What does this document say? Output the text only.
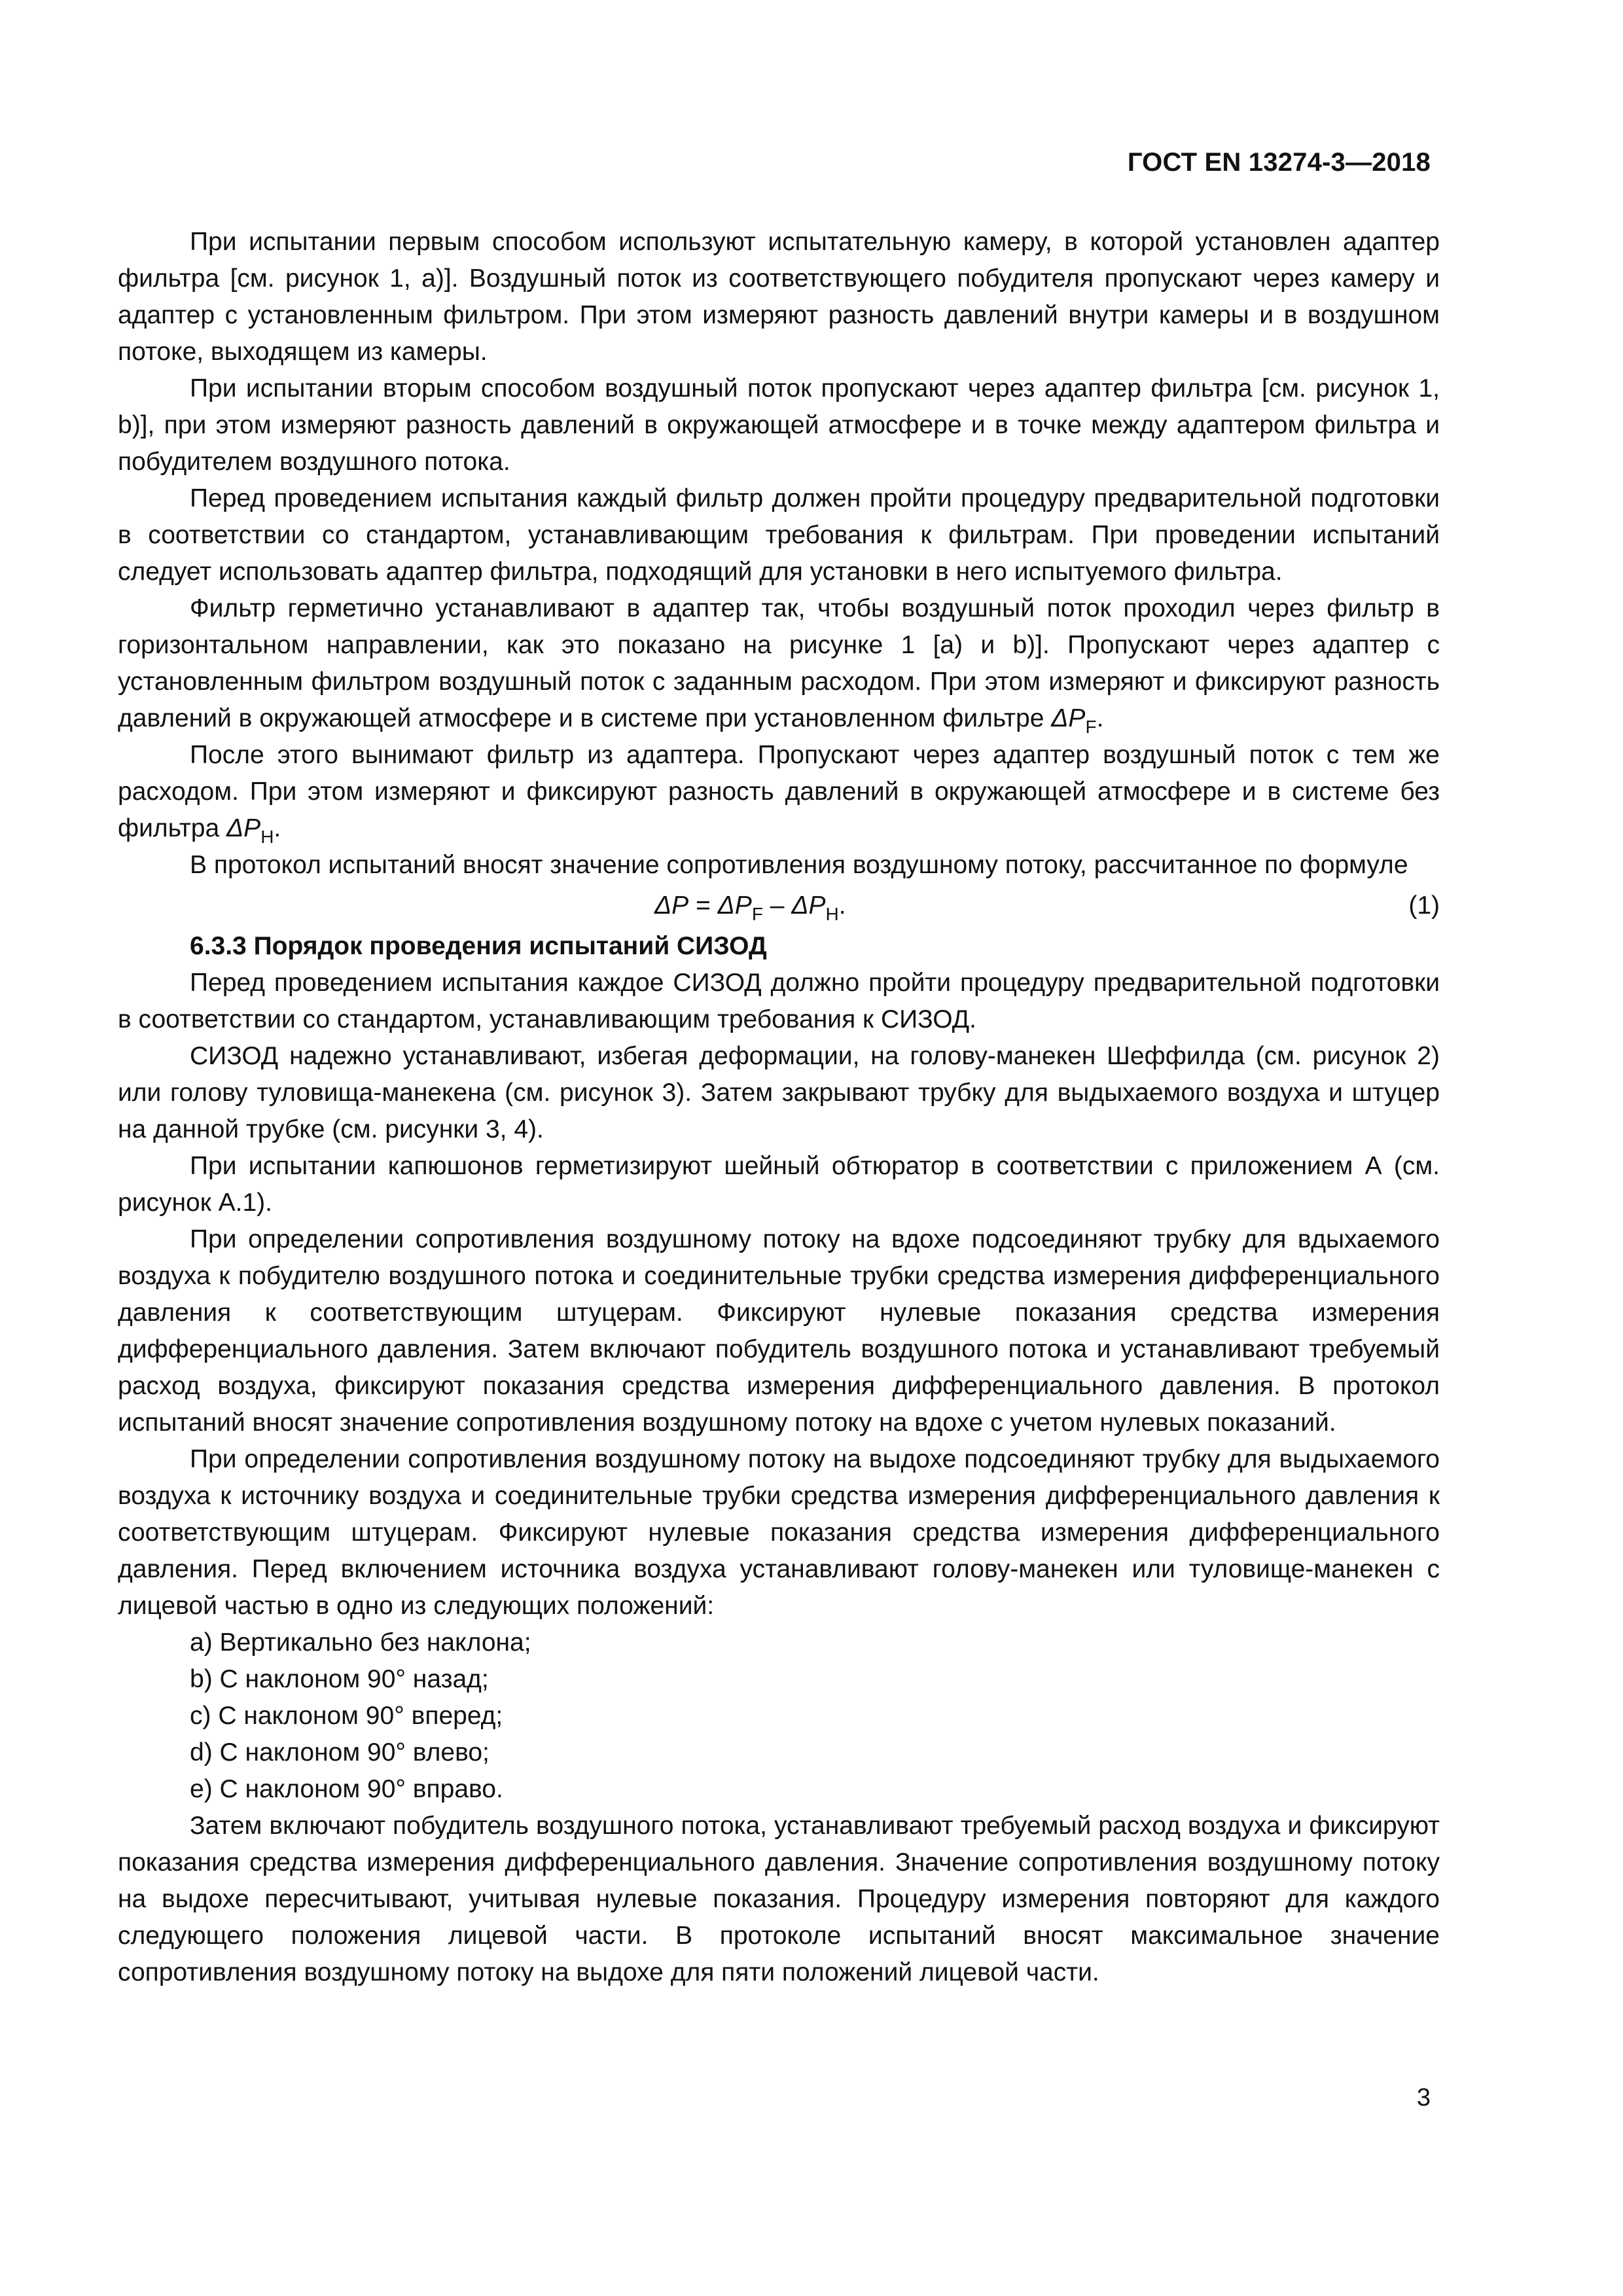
ГОСТ EN 13274-3—2018

При испытании первым способом используют испытательную камеру, в которой установлен адаптер фильтра [см. рисунок 1, а)]. Воздушный поток из соответствующего побудителя пропускают через камеру и адаптер с установленным фильтром. При этом измеряют разность давлений внутри камеры и в воздушном потоке, выходящем из камеры.

При испытании вторым способом воздушный поток пропускают через адаптер фильтра [см. рисунок 1, b)], при этом измеряют разность давлений в окружающей атмосфере и в точке между адаптером фильтра и побудителем воздушного потока.

Перед проведением испытания каждый фильтр должен пройти процедуру предварительной подготовки в соответствии со стандартом, устанавливающим требования к фильтрам. При проведении испытаний следует использовать адаптер фильтра, подходящий для установки в него испытуемого фильтра.

Фильтр герметично устанавливают в адаптер так, чтобы воздушный поток проходил через фильтр в горизонтальном направлении, как это показано на рисунке 1 [а) и b)]. Пропускают через адаптер с установленным фильтром воздушный поток с заданным расходом. При этом измеряют и фиксируют разность давлений в окружающей атмосфере и в системе при установленном фильтре $\Delta P_F$.

После этого вынимают фильтр из адаптера. Пропускают через адаптер воздушный поток с тем же расходом. При этом измеряют и фиксируют разность давлений в окружающей атмосфере и в системе без фильтра $\Delta P_H$.

В протокол испытаний вносят значение сопротивления воздушному потоку, рассчитанное по формуле

$\Delta P = \Delta P_F - \Delta P_H$.	(1)

6.3.3 Порядок проведения испытаний СИЗОД

Перед проведением испытания каждое СИЗОД должно пройти процедуру предварительной подготовки в соответствии со стандартом, устанавливающим требования к СИЗОД.

СИЗОД надежно устанавливают, избегая деформации, на голову-манекен Шеффилда (см. рисунок 2) или голову туловища-манекена (см. рисунок 3). Затем закрывают трубку для выдыхаемого воздуха и штуцер на данной трубке (см. рисунки 3, 4).

При испытании капюшонов герметизируют шейный обтюратор в соответствии с приложением А (см. рисунок А.1).

При определении сопротивления воздушному потоку на вдохе подсоединяют трубку для вдыхаемого воздуха к побудителю воздушного потока и соединительные трубки средства измерения дифференциального давления к соответствующим штуцерам. Фиксируют нулевые показания средства измерения дифференциального давления. Затем включают побудитель воздушного потока и устанавливают требуемый расход воздуха, фиксируют показания средства измерения дифференциального давления. В протокол испытаний вносят значение сопротивления воздушному потоку на вдохе с учетом нулевых показаний.

При определении сопротивления воздушному потоку на выдохе подсоединяют трубку для выдыхаемого воздуха к источнику воздуха и соединительные трубки средства измерения дифференциального давления к соответствующим штуцерам. Фиксируют нулевые показания средства измерения дифференциального давления. Перед включением источника воздуха устанавливают голову-манекен или туловище-манекен с лицевой частью в одно из следующих положений:

а) Вертикально без наклона;

b) С наклоном 90° назад;

c) С наклоном 90° вперед;

d) С наклоном 90° влево;

е) С наклоном 90° вправо.

Затем включают побудитель воздушного потока, устанавливают требуемый расход воздуха и фиксируют показания средства измерения дифференциального давления. Значение сопротивления воздушному потоку на выдохе пересчитывают, учитывая нулевые показания. Процедуру измерения повторяют для каждого следующего положения лицевой части. В протоколе испытаний вносят максимальное значение сопротивления воздушному потоку на выдохе для пяти положений лицевой части.

3
